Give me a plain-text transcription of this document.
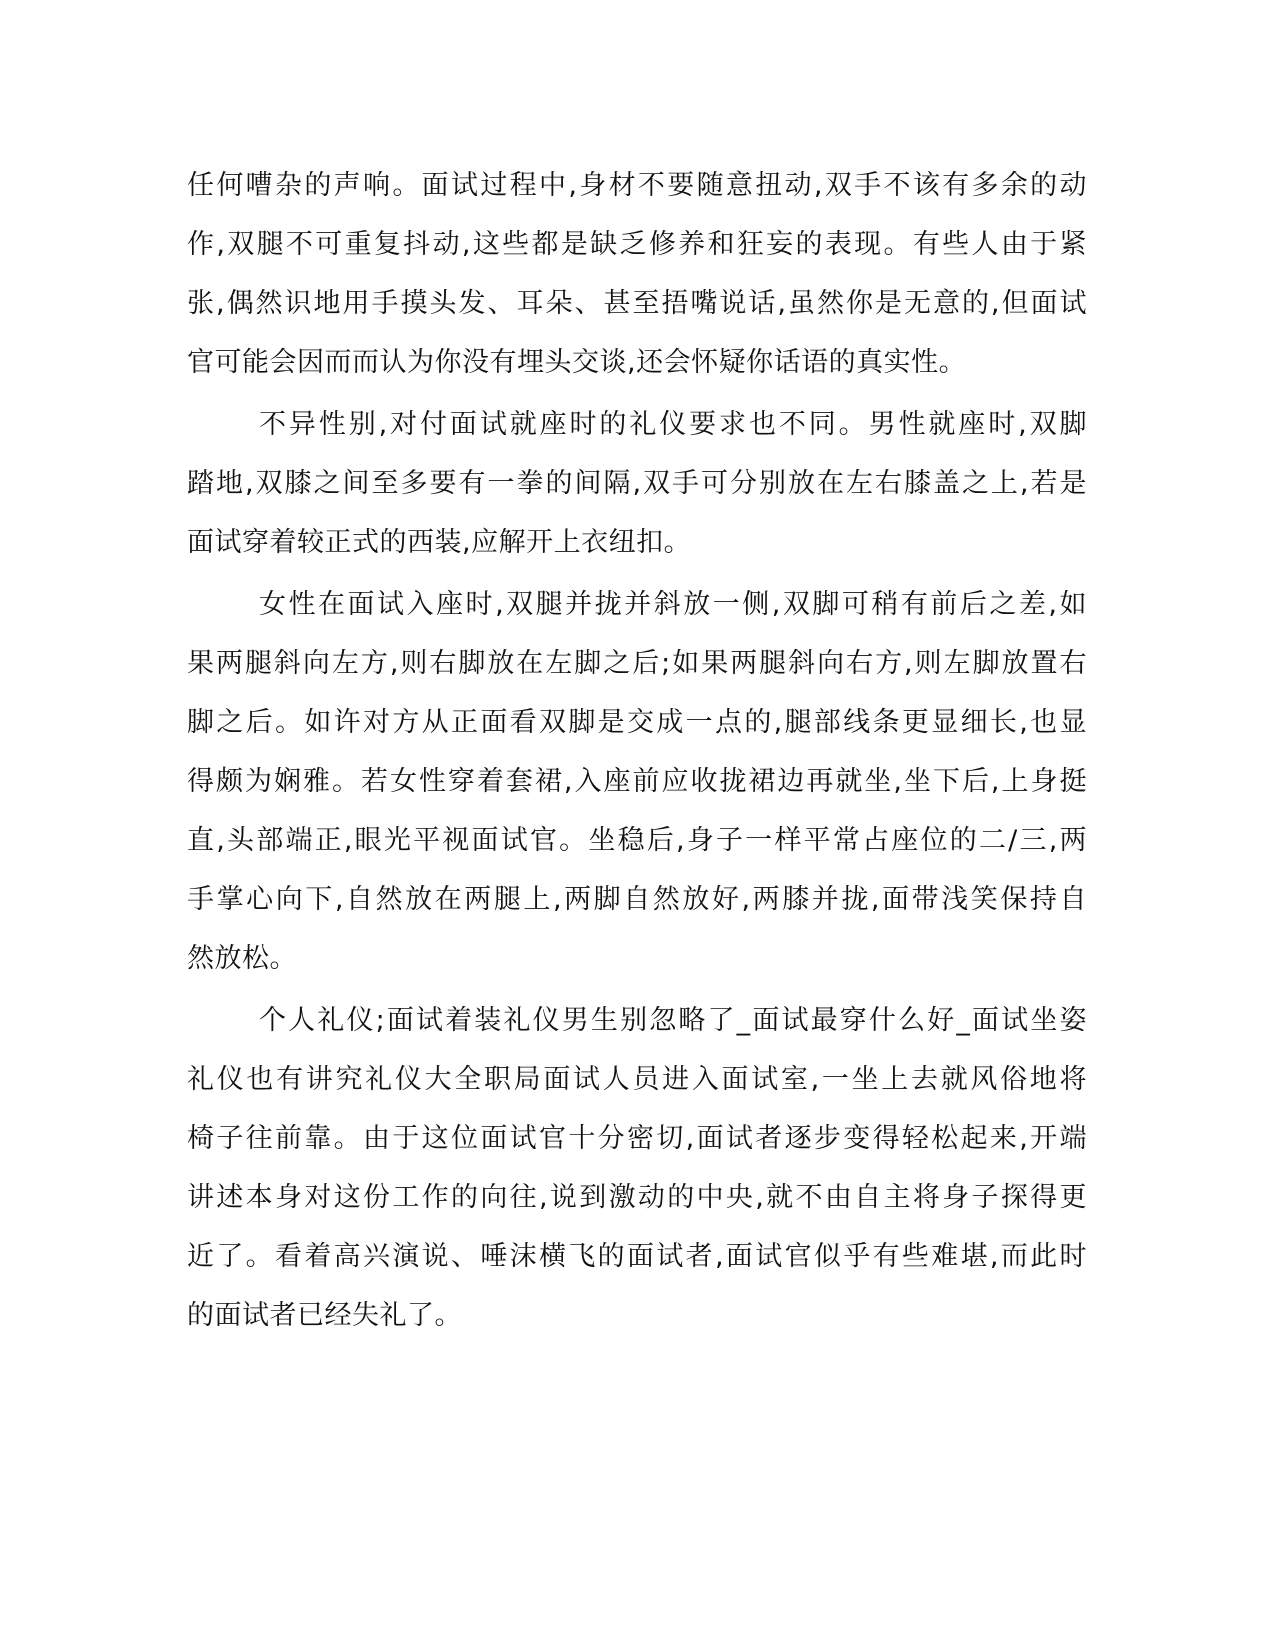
任何嘈杂的声响。面试过程中,身材不要随意扭动,双手不该有多余的动
作,双腿不可重复抖动,这些都是缺乏修养和狂妄的表现。有些人由于紧
张,偶然识地用手摸头发、耳朵、甚至捂嘴说话,虽然你是无意的,但面试
官可能会因而而认为你没有埋头交谈,还会怀疑你话语的真实性。
不异性别,对付面试就座时的礼仪要求也不同。男性就座时,双脚
踏地,双膝之间至多要有一拳的间隔,双手可分别放在左右膝盖之上,若是
面试穿着较正式的西装,应解开上衣纽扣。
女性在面试入座时,双腿并拢并斜放一侧,双脚可稍有前后之差,如
果两腿斜向左方,则右脚放在左脚之后;如果两腿斜向右方,则左脚放置右
脚之后。如许对方从正面看双脚是交成一点的,腿部线条更显细长,也显
得颇为娴雅。若女性穿着套裙,入座前应收拢裙边再就坐,坐下后,上身挺
直,头部端正,眼光平视面试官。坐稳后,身子一样平常占座位的二/三,两
手掌心向下,自然放在两腿上,两脚自然放好,两膝并拢,面带浅笑保持自
然放松。
个人礼仪;面试着装礼仪男生别忽略了_面试最穿什么好_面试坐姿
礼仪也有讲究礼仪大全职局面试人员进入面试室,一坐上去就风俗地将
椅子往前靠。由于这位面试官十分密切,面试者逐步变得轻松起来,开端
讲述本身对这份工作的向往,说到激动的中央,就不由自主将身子探得更
近了。看着高兴演说、唾沫横飞的面试者,面试官似乎有些难堪,而此时
的面试者已经失礼了。
